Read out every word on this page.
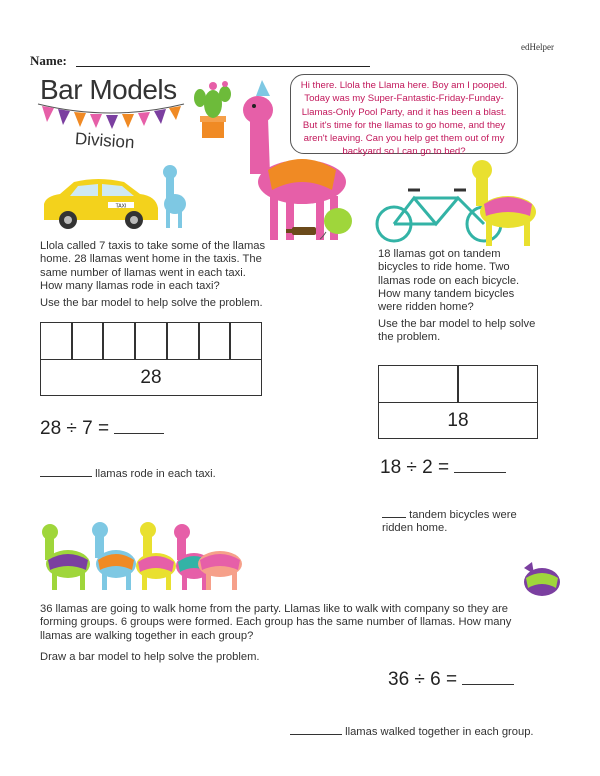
edHelper
Name:
Bar Models
Division
Hi there. Llola the Llama here. Boy am I pooped. Today was my Super-Fantastic-Friday-Funday-Llamas-Only Pool Party, and it has been a blast. But it's time for the llamas to go home, and they aren't leaving. Can you help get them out of my backyard so I can go to bed?
TAXI
Llola called 7 taxis to take some of the llamas home. 28 llamas went home in the taxis. The same number of llamas went in each taxi. How many llamas rode in each taxi?
Use the bar model to help solve the problem.
28
28 ÷ 7 =
llamas rode in each taxi.
18 llamas got on tandem bicycles to ride home. Two llamas rode on each bicycle. How many tandem bicycles were ridden home?
Use the bar model to help solve the problem.
18
18 ÷ 2 =
tandem bicycles were ridden home.
36 llamas are going to walk home from the party. Llamas like to walk with company so they are forming groups. 6 groups were formed. Each group has the same number of llamas. How many llamas are walking together in each group?
Draw a bar model to help solve the problem.
36 ÷ 6 =
llamas walked together in each group.
